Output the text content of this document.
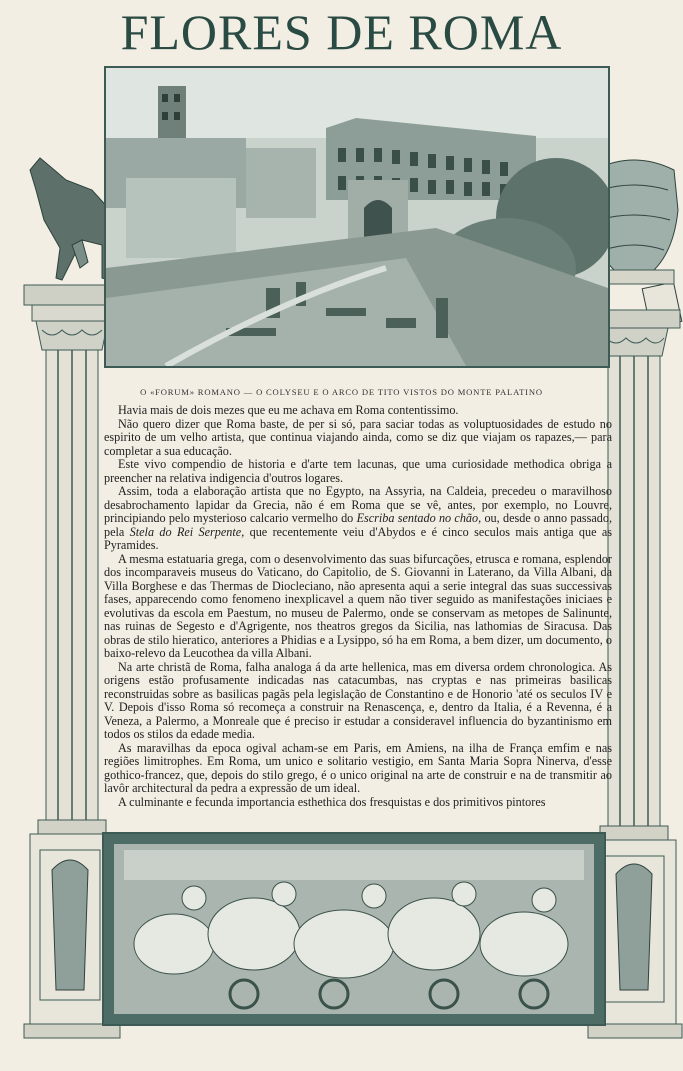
FLORES DE ROMA
O «FORUM» ROMANO — O COLYSEU E O ARCO DE TITO VISTOS DO MONTE PALATINO

Havia mais de dois mezes que eu me achava em Roma contentissimo.

Não quero dizer que Roma baste, de per si só, para saciar todas as voluptuosidades de estudo no espirito de um velho artista, que continua viajando ainda, como se diz que viajam os rapazes,— para completar a sua educação.

Este vivo compendio de historia e d'arte tem lacunas, que uma curiosidade methodica obriga a preencher na relativa indigencia d'outros logares.

Assim, toda a elaboração artista que no Egypto, na Assyria, na Caldeia, precedeu o maravilhoso desabrochamento lapidar da Grecia, não é em Roma que se vê, antes, por exemplo, no Louvre, principiando pelo mysterioso calcario vermelho do Escriba sentado no chão, ou, desde o anno passado, pela Stela do Rei Serpente, que recentemente veiu d'Abydos e é cinco seculos mais antiga que as Pyramides.

A mesma estatuaria grega, com o desenvolvimento das suas bifurcações, etrusca e romana, esplendor dos incomparaveis museus do Vaticano, do Capitolio, de S. Giovanni in Laterano, da Villa Albani, da Villa Borghese e das Thermas de Diocleciano, não apresenta aqui a serie integral das suas successivas fases, apparecendo como fenomeno inexplicavel a quem não tiver seguido as manifestações iniciaes e evolutivas da escola em Paestum, no museu de Palermo, onde se conservam as metopes de Salinunte, nas ruinas de Segesto e d'Agrigente, nos theatros gregos da Sicilia, nas lathomias de Siracusa. Das obras de stilo hieratico, anteriores a Phidias e a Lysippo, só ha em Roma, a bem dizer, um documento, o baixo-relevo da Leucothea da villa Albani.

Na arte christã de Roma, falha analoga á da arte hellenica, mas em diversa ordem chronologica. As origens estão profusamente indicadas nas catacumbas, nas cryptas e nas primeiras basilicas reconstruidas sobre as basilicas pagãs pela legislação de Constantino e de Honorio 'até os seculos IV e V. Depois d'isso Roma só recomeça a construir na Renascença, e, dentro da Italia, é a Revenna, é a Veneza, a Palermo, a Monreale que é preciso ir estudar a consideravel influencia do byzantinismo em todos os stilos da edade media.

As maravilhas da epoca ogival acham-se em Paris, em Amiens, na ilha de França emfim e nas regiões limitrophes. Em Roma, um unico e solitario vestigio, em Santa Maria Sopra Ninerva, d'esse gothico-francez, que, depois do stilo grego, é o unico original na arte de construir e na de transmitir ao lavôr architectural da pedra a expressão de um ideal.

A culminante e fecunda importancia esthethica dos fresquistas e dos primitivos pintores
